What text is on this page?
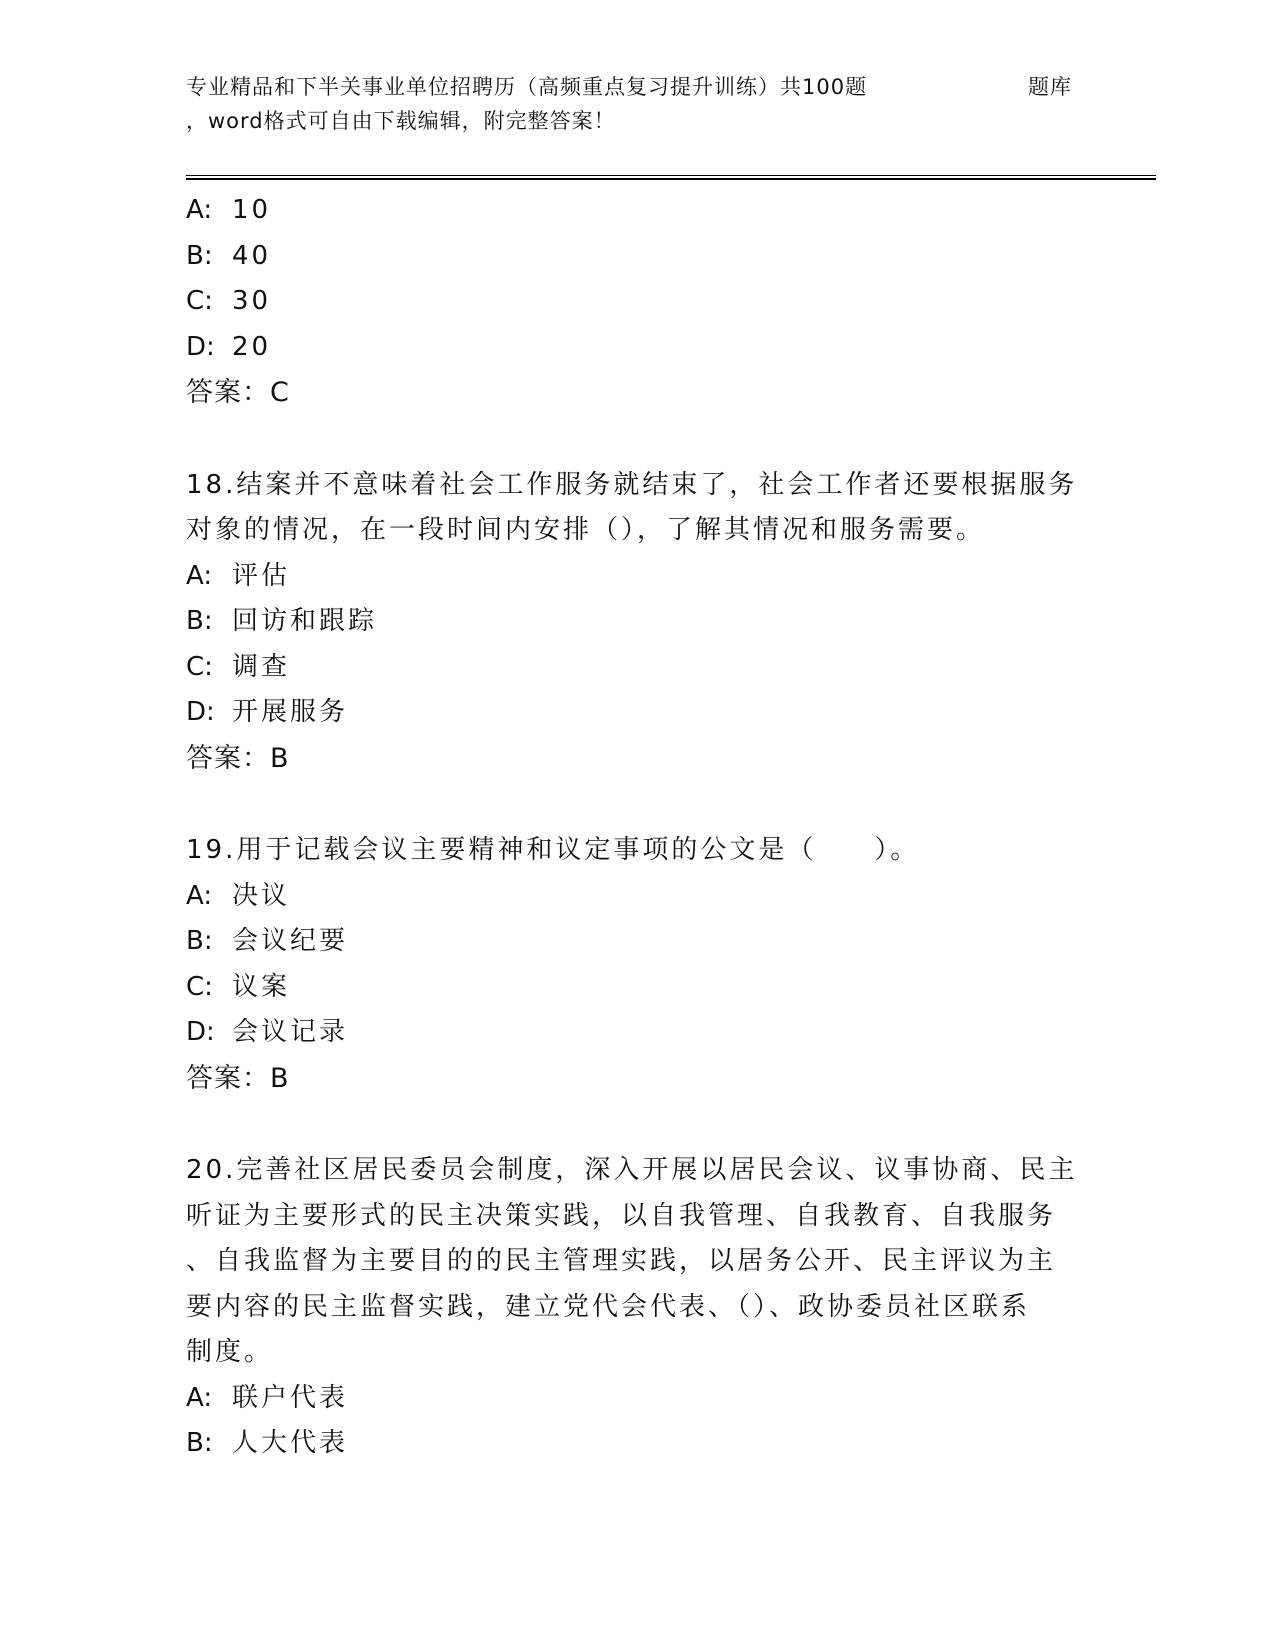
专业精品和下半关事业单位招聘历（高频重点复习提升训练）共100题	题库
，word格式可自由下载编辑，附完整答案！
A: 10
B: 40
C: 30
D: 20
答案：C
18.结案并不意味着社会工作服务就结束了，社会工作者还要根据服务
对象的情况，在一段时间内安排（），了解其情况和服务需要。
A: 评估
B: 回访和跟踪
C: 调查
D: 开展服务
答案：B
19.用于记载会议主要精神和议定事项的公文是（　　）。
A: 决议
B: 会议纪要
C: 议案
D: 会议记录
答案：B
20.完善社区居民委员会制度，深入开展以居民会议、议事协商、民主
听证为主要形式的民主决策实践，以自我管理、自我教育、自我服务
、自我监督为主要目的的民主管理实践，以居务公开、民主评议为主
要内容的民主监督实践，建立党代会代表、（）、政协委员社区联系
制度。
A: 联户代表
B: 人大代表
